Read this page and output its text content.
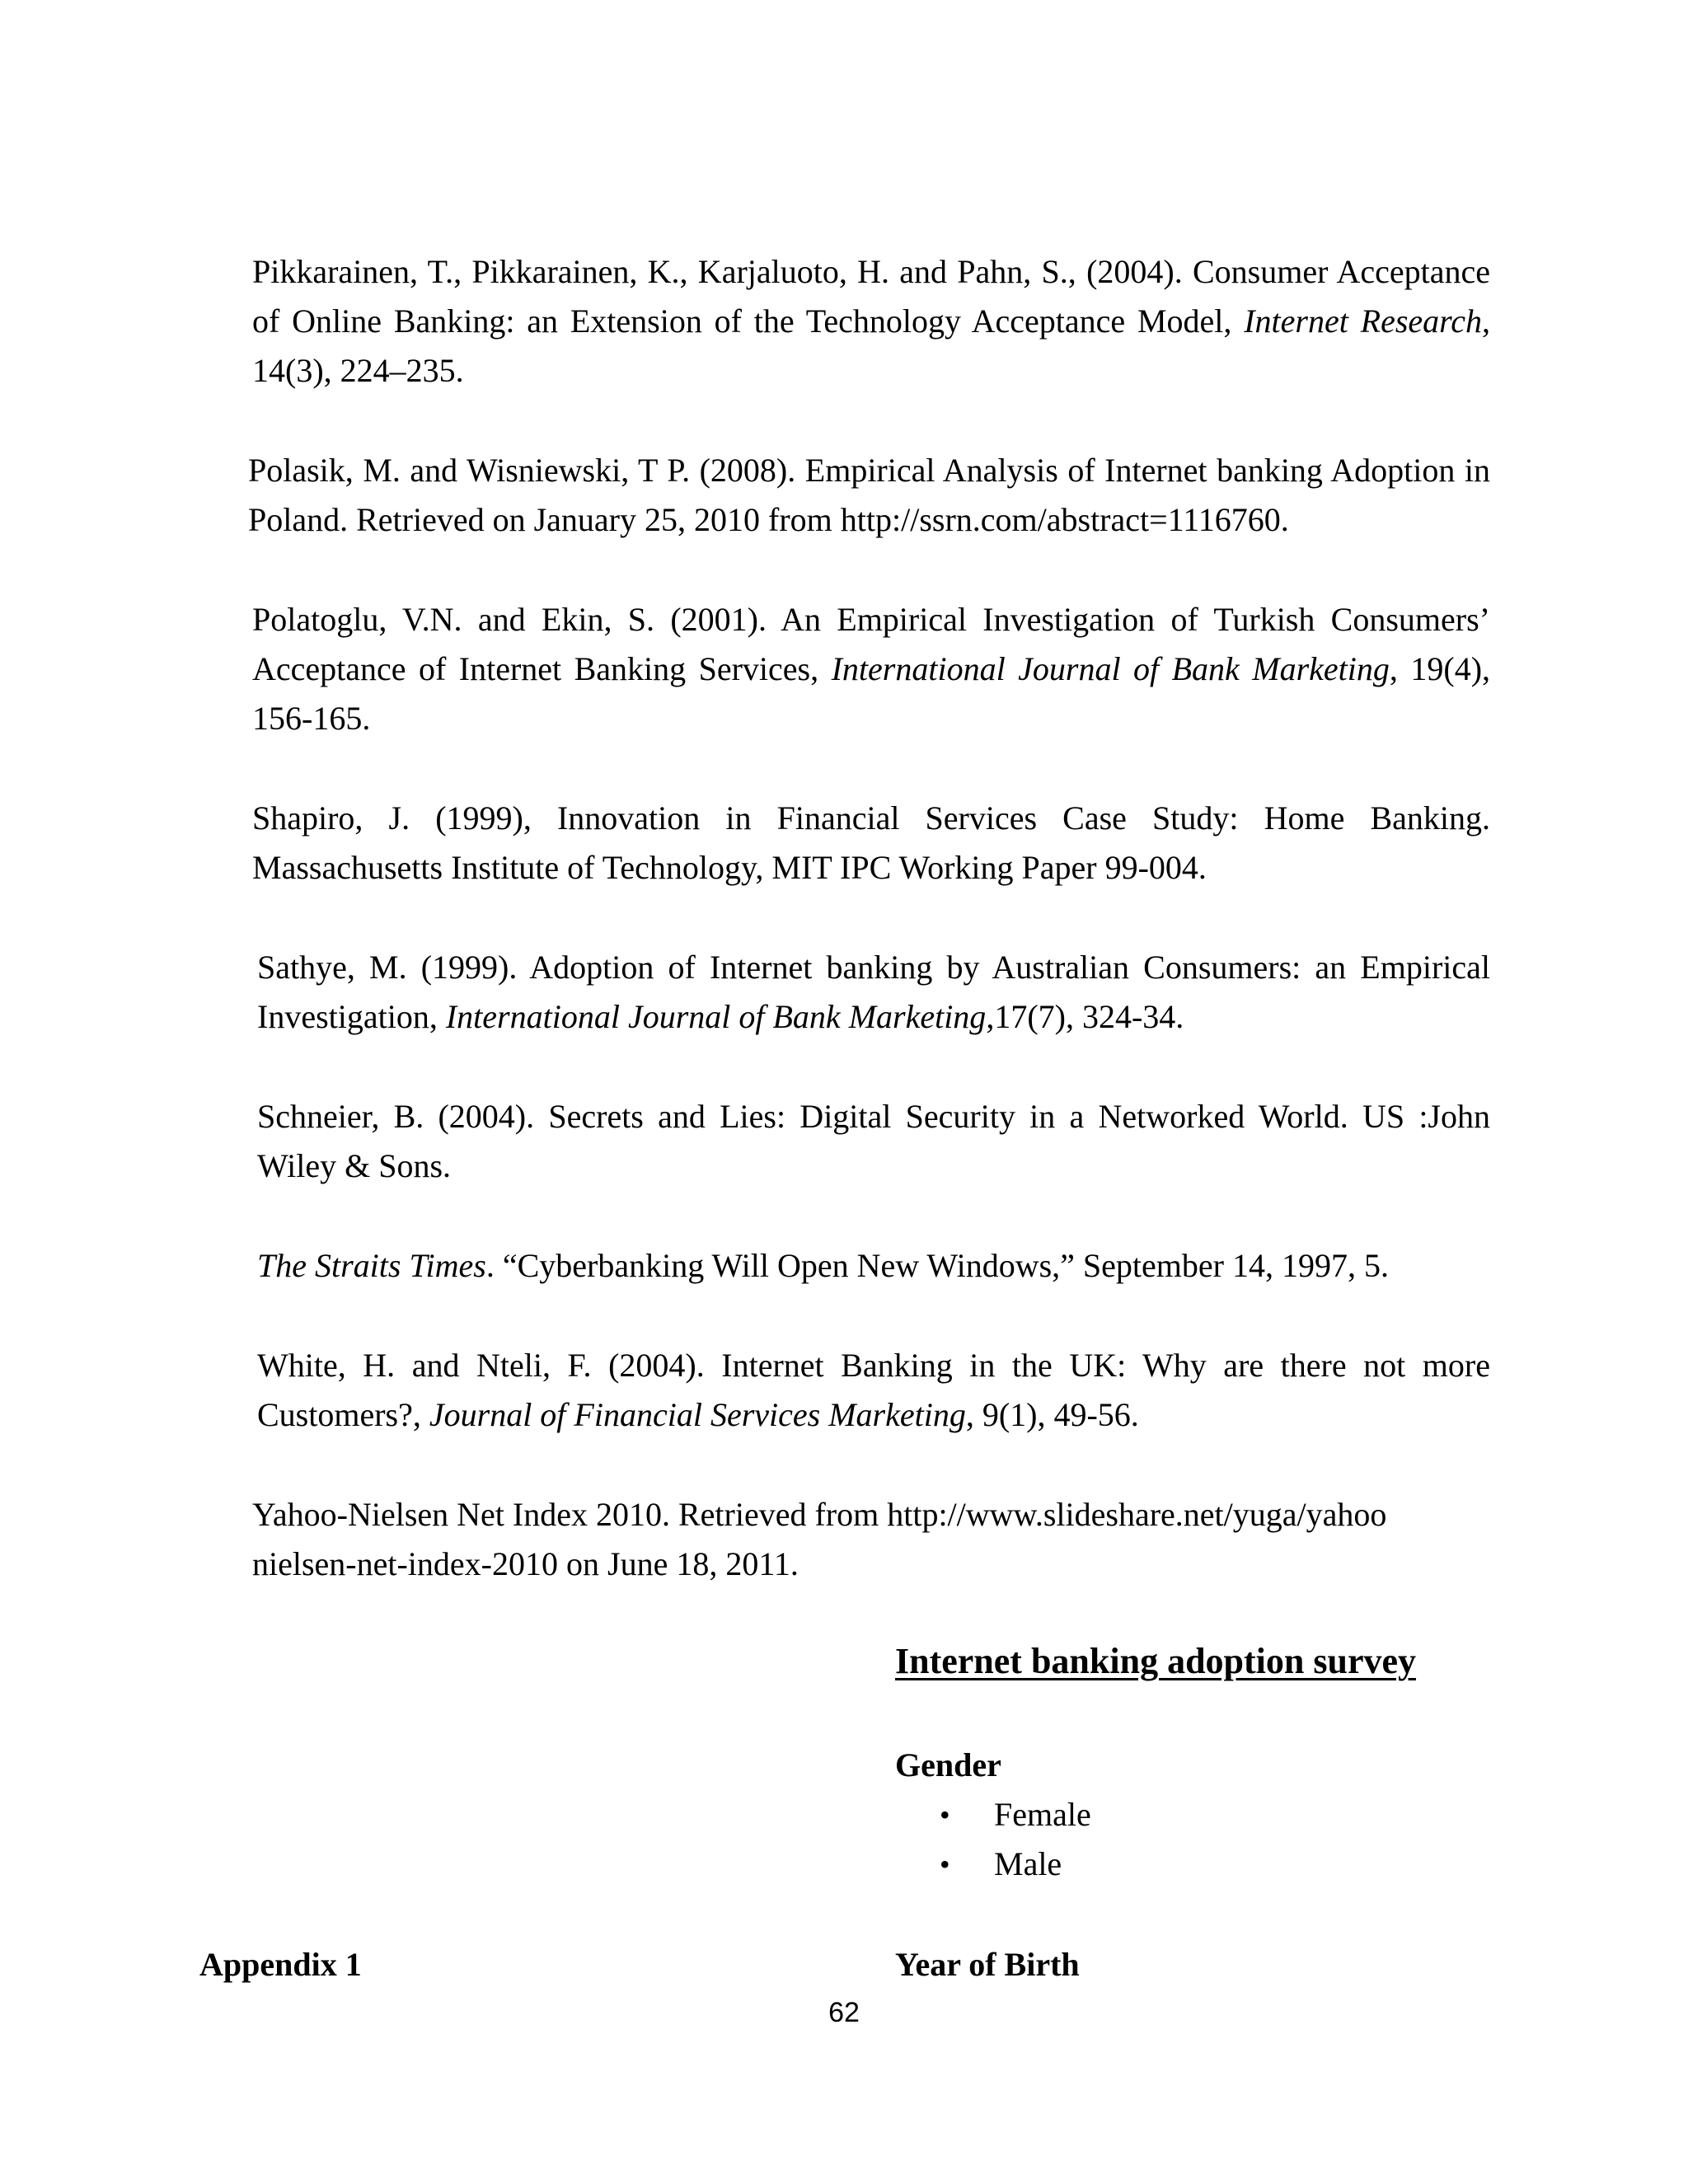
Pikkarainen, T., Pikkarainen, K., Karjaluoto, H. and Pahn, S., (2004). Consumer Acceptance of Online Banking: an Extension of the Technology Acceptance Model, Internet Research, 14(3), 224–235.

Polasik, M. and Wisniewski, T P. (2008). Empirical Analysis of Internet banking Adoption in Poland. Retrieved on January 25, 2010 from http://ssrn.com/abstract=1116760.

Polatoglu, V.N. and Ekin, S. (2001). An Empirical Investigation of Turkish Consumers’ Acceptance of Internet Banking Services, International Journal of Bank Marketing, 19(4), 156-165.

Shapiro, J. (1999), Innovation in Financial Services Case Study: Home Banking. Massachusetts Institute of Technology, MIT IPC Working Paper 99-004.

Sathye, M. (1999). Adoption of Internet banking by Australian Consumers: an Empirical Investigation, International Journal of Bank Marketing,17(7), 324-34.

Schneier, B. (2004). Secrets and Lies: Digital Security in a Networked World. US :John Wiley & Sons.

The Straits Times. “Cyberbanking Will Open New Windows,” September 14, 1997, 5.

White, H. and Nteli, F. (2004). Internet Banking in the UK: Why are there not more Customers?, Journal of Financial Services Marketing, 9(1), 49-56.

Yahoo-Nielsen Net Index 2010. Retrieved from http://www.slideshare.net/yuga/yahoo nielsen-net-index-2010 on June 18, 2011.

Internet banking adoption survey
Gender
• Female
• Male
Appendix 1	Year of Birth
62
